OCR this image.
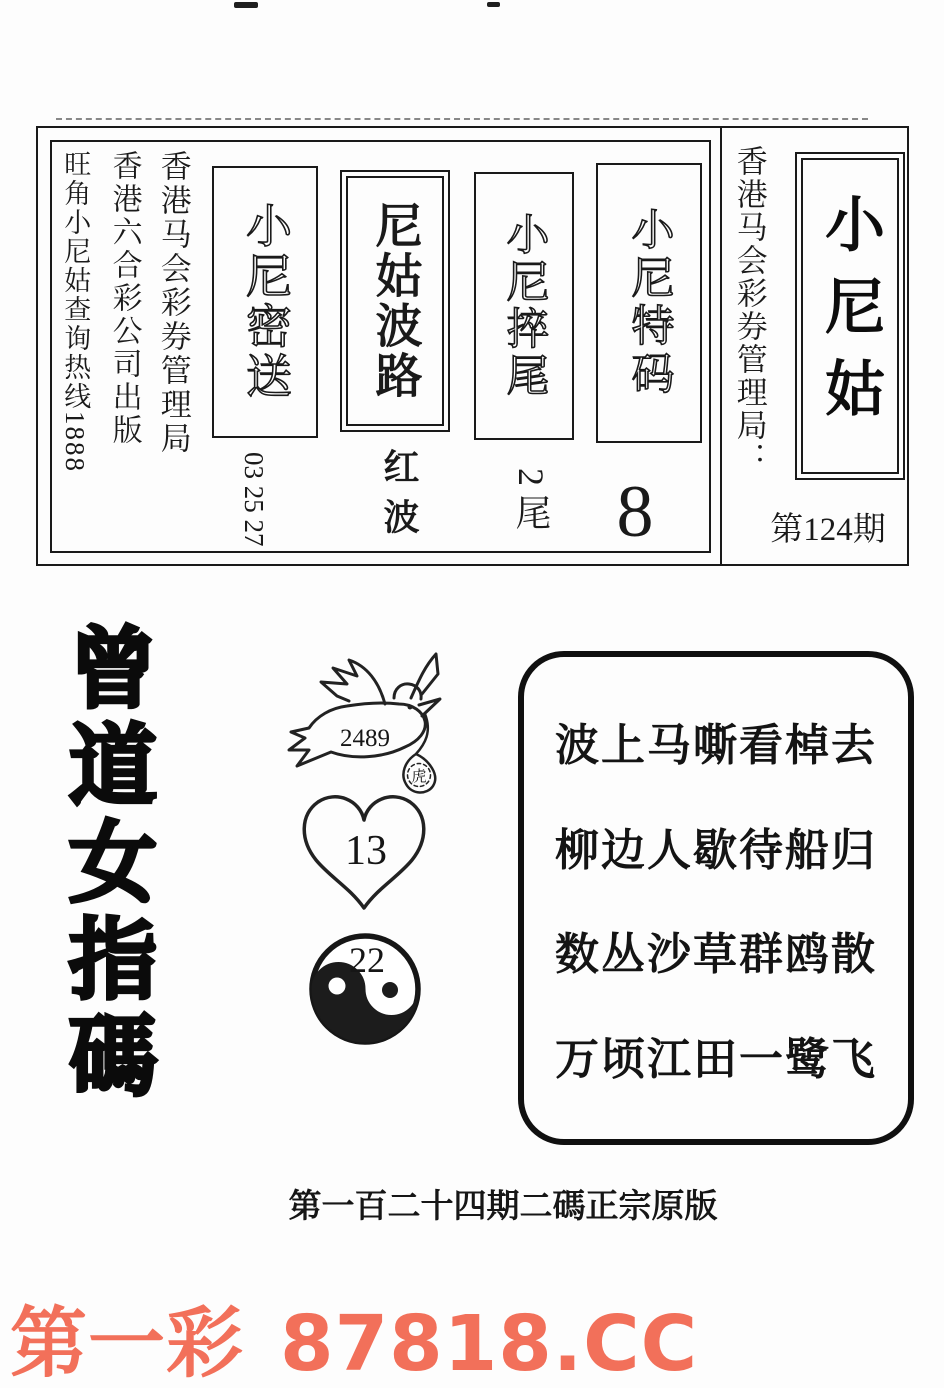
旺角小尼姑查询热线1888 香港六合彩公司出版 香港马会彩券管理局 小尼密送
03 25 27
尼姑波路
红波
小尼捽尾
2尾
小尼特码
8
香港马会彩券管理局： 小尼姑
第124期
曾道女指碼	2489
虎
13
22
波上马嘶看棹去
柳边人歇待船归
数丛沙草群鸥散
万顷江田一鹭飞
第一百二十四期二碼正宗原版
第一彩 87818.CC
